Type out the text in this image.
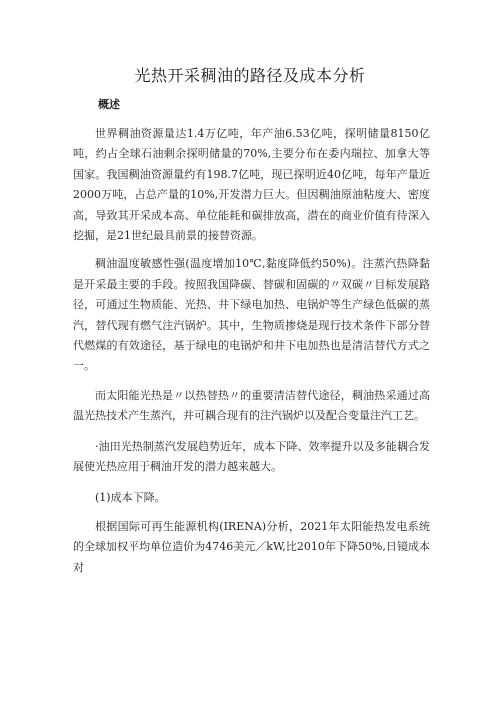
光热开采稠油的路径及成本分析
概述

世界稠油资源量达1.4万亿吨，年产油6.53亿吨，探明储量8150亿吨，约占全球石油剩余探明储量的70%,主要分布在委内瑞拉、加拿大等国家。我国稠油资源量约有198.7亿吨，现已探明近40亿吨，每年产量近2000万吨，占总产量的10%,开发潜力巨大。但因稠油原油粘度大、密度高，导致其开采成本高、单位能耗和碳排放高，潜在的商业价值有待深入挖掘，是21世纪最具前景的接替资源。

稠油温度敏感性强(温度增加10℃,黏度降低约50%)。注蒸汽热降黏是开采最主要的手段。按照我国降碳、替碳和固碳的〃双碳〃目标发展路径，可通过生物质能、光热、井下绿电加热、电锅炉等生产绿色低碳的蒸汽，替代现有燃气注汽锅炉。其中，生物质掺烧是现行技术条件下部分替代燃煤的有效途径，基于绿电的电锅炉和井下电加热也是清洁替代方式之一。

而太阳能光热是〃以热替热〃的重要清洁替代途径，稠油热采通过高温光热技术产生蒸汽，并可耦合现有的注汽锅炉以及配合变量注汽工艺。

·油田光热制蒸汽发展趋势近年，成本下降、效率提升以及多能耦合发展使光热应用于稠油开发的潜力越来越大。

(1)成本下降。

根据国际可再生能源机构(IRENA)分析，2021年太阳能热发电系统的全球加权平均单位造价为4746美元／kW,比2010年下降50%,日镜成本对
